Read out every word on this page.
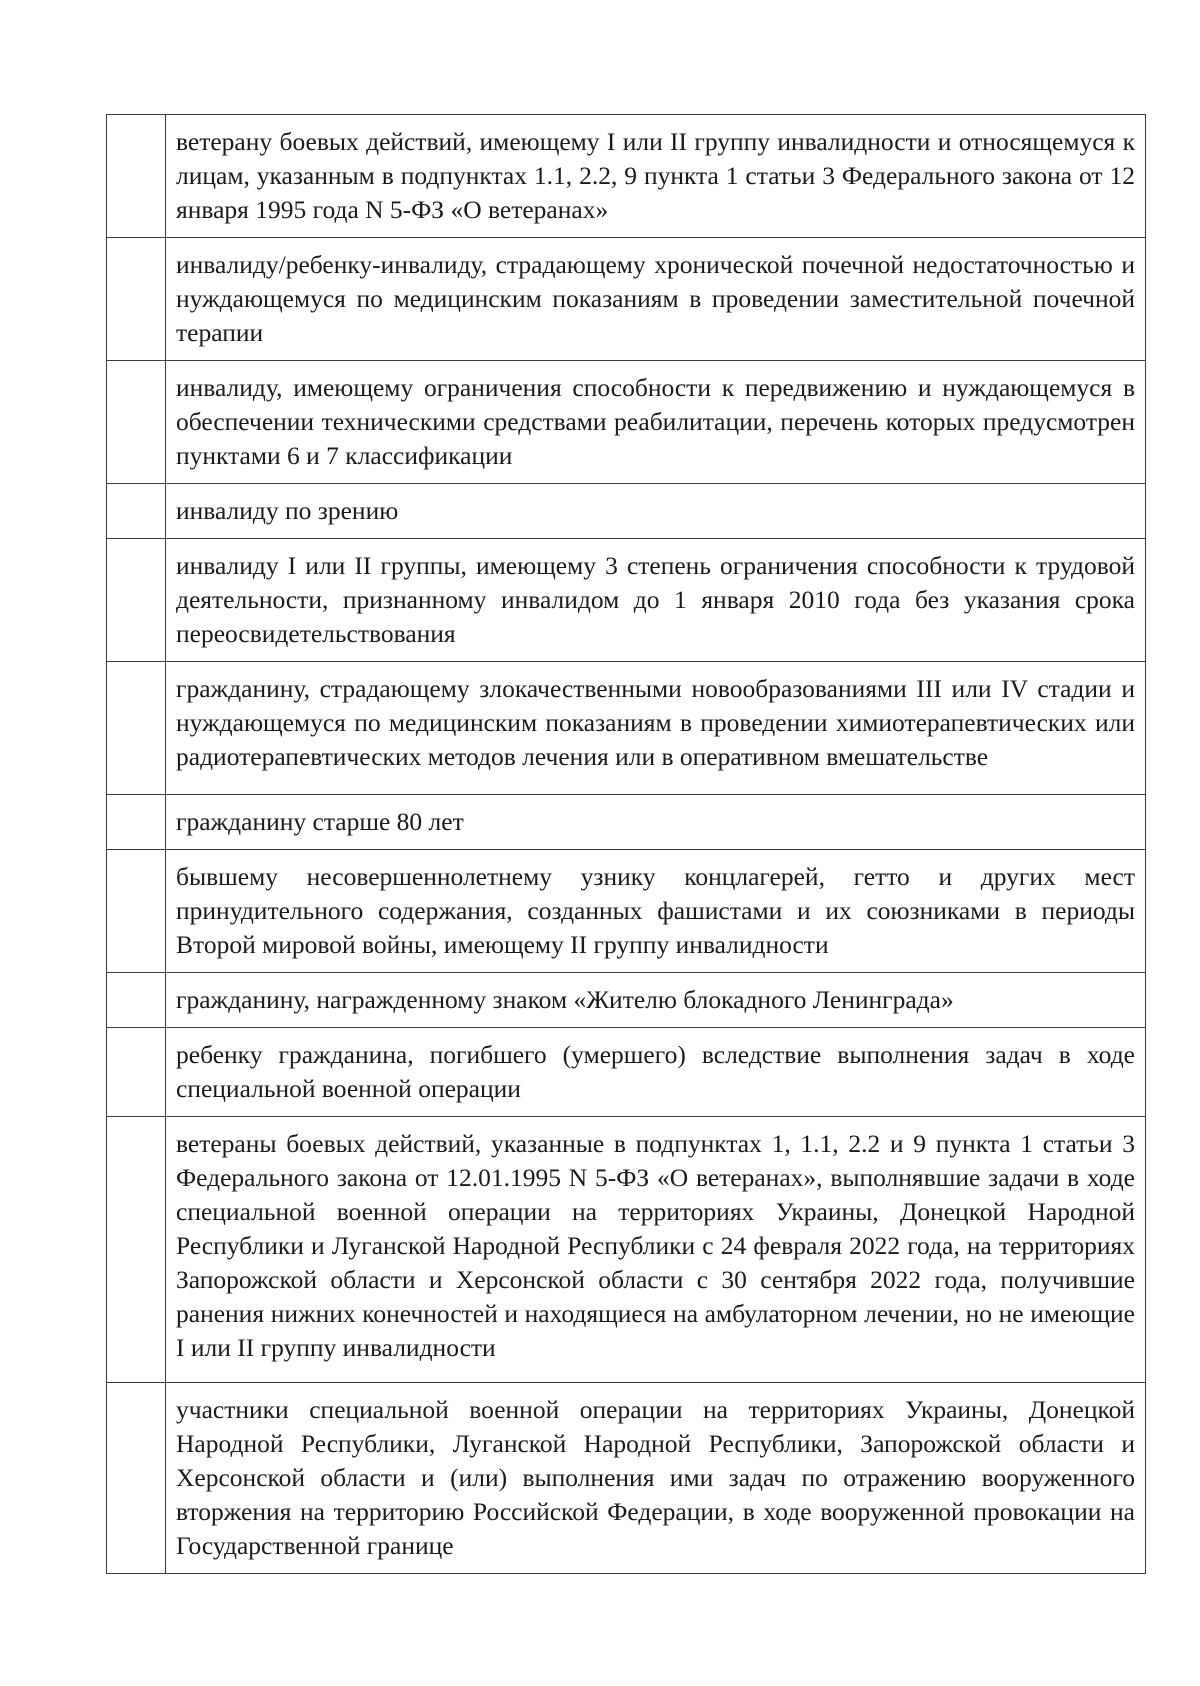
	ветерану боевых действий, имеющему I или II группу инвалидности и относящемуся к лицам, указанным в подпунктах 1.1, 2.2, 9 пункта 1 статьи 3 Федерального закона от 12 января 1995 года N 5-ФЗ «О ветеранах»
	инвалиду/ребенку-инвалиду, страдающему хронической почечной недостаточностью и нуждающемуся по медицинским показаниям в проведении заместительной почечной терапии
	инвалиду, имеющему ограничения способности к передвижению и нуждающемуся в обеспечении техническими средствами реабилитации, перечень которых предусмотрен пунктами 6 и 7 классификации
	инвалиду по зрению
	инвалиду I или II группы, имеющему 3 степень ограничения способности к трудовой деятельности, признанному инвалидом до 1 января 2010 года без указания срока переосвидетельствования
	гражданину, страдающему злокачественными новообразованиями III или IV стадии и нуждающемуся по медицинским показаниям в проведении химиотерапевтических или радиотерапевтических методов лечения или в оперативном вмешательстве
	гражданину старше 80 лет
	бывшему несовершеннолетнему узнику концлагерей, гетто и других мест принудительного содержания, созданных фашистами и их союзниками в периоды Второй мировой войны, имеющему II группу инвалидности
	гражданину, награжденному знаком «Жителю блокадного Ленинграда»
	ребенку гражданина, погибшего (умершего) вследствие выполнения задач в ходе специальной военной операции
	ветераны боевых действий, указанные в подпунктах 1, 1.1, 2.2 и 9 пункта 1 статьи 3 Федерального закона от 12.01.1995 N 5-ФЗ «О ветеранах», выполнявшие задачи в ходе специальной военной операции на территориях Украины, Донецкой Народной Республики и Луганской Народной Республики с 24 февраля 2022 года, на территориях Запорожской области и Херсонской области с 30 сентября 2022 года, получившие ранения нижних конечностей и находящиеся на амбулаторном лечении, но не имеющие I или II группу инвалидности
	участники специальной военной операции на территориях Украины, Донецкой Народной Республики, Луганской Народной Республики, Запорожской области и Херсонской области и (или) выполнения ими задач по отражению вооруженного вторжения на территорию Российской Федерации, в ходе вооруженной провокации на Государственной границе
